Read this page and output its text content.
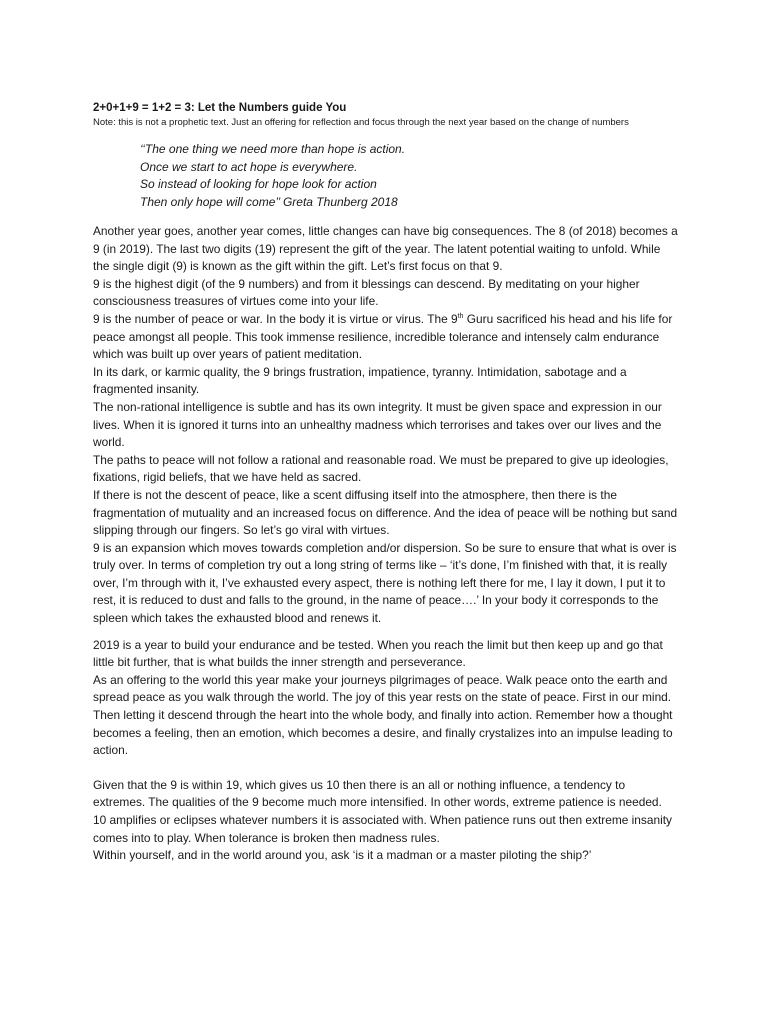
2+0+1+9 = 1+2 = 3: Let the Numbers guide You

Note: this is not a prophetic text. Just an offering for reflection and focus through the next year based on the change of numbers

‘‘The one thing we need more than hope is action.
Once we start to act hope is everywhere.
So instead of looking for hope look for action
Then only hope will come’’ Greta Thunberg 2018

Another year goes, another year comes, little changes can have big consequences. The 8 (of 2018) becomes a 9 (in 2019). The last two digits (19) represent the gift of the year. The latent potential waiting to unfold. While the single digit (9) is known as the gift within the gift. Let’s first focus on that 9.

9 is the highest digit (of the 9 numbers) and from it blessings can descend. By meditating on your higher consciousness treasures of virtues come into your life.

9 is the number of peace or war. In the body it is virtue or virus. The 9th Guru sacrificed his head and his life for peace amongst all people. This took immense resilience, incredible tolerance and intensely calm endurance which was built up over years of patient meditation.

In its dark, or karmic quality, the 9 brings frustration, impatience, tyranny. Intimidation, sabotage and a fragmented insanity.

The non-rational intelligence is subtle and has its own integrity. It must be given space and expression in our lives. When it is ignored it turns into an unhealthy madness which terrorises and takes over our lives and the world.

The paths to peace will not follow a rational and reasonable road. We must be prepared to give up ideologies, fixations, rigid beliefs, that we have held as sacred.

If there is not the descent of peace, like a scent diffusing itself into the atmosphere, then there is the fragmentation of mutuality and an increased focus on difference. And the idea of peace will be nothing but sand slipping through our fingers. So let’s go viral with virtues.

9 is an expansion which moves towards completion and/or dispersion. So be sure to ensure that what is over is truly over. In terms of completion try out a long string of terms like – ‘it’s done, I’m finished with that, it is really over, I’m through with it, I’ve exhausted every aspect, there is nothing left there for me, I lay it down, I put it to rest, it is reduced to dust and falls to the ground, in the name of peace….’ In your body it corresponds to the spleen which takes the exhausted blood and renews it.

2019 is a year to build your endurance and be tested. When you reach the limit but then keep up and go that little bit further, that is what builds the inner strength and perseverance.

As an offering to the world this year make your journeys pilgrimages of peace. Walk peace onto the earth and spread peace as you walk through the world. The joy of this year rests on the state of peace. First in our mind. Then letting it descend through the heart into the whole body, and finally into action. Remember how a thought becomes a feeling, then an emotion, which becomes a desire, and finally crystalizes into an impulse leading to action.

Given that the 9 is within 19, which gives us 10 then there is an all or nothing influence, a tendency to extremes. The qualities of the 9 become much more intensified. In other words, extreme patience is needed. 10 amplifies or eclipses whatever numbers it is associated with. When patience runs out then extreme insanity comes into to play. When tolerance is broken then madness rules.

Within yourself, and in the world around you, ask ‘is it a madman or a master piloting the ship?’
